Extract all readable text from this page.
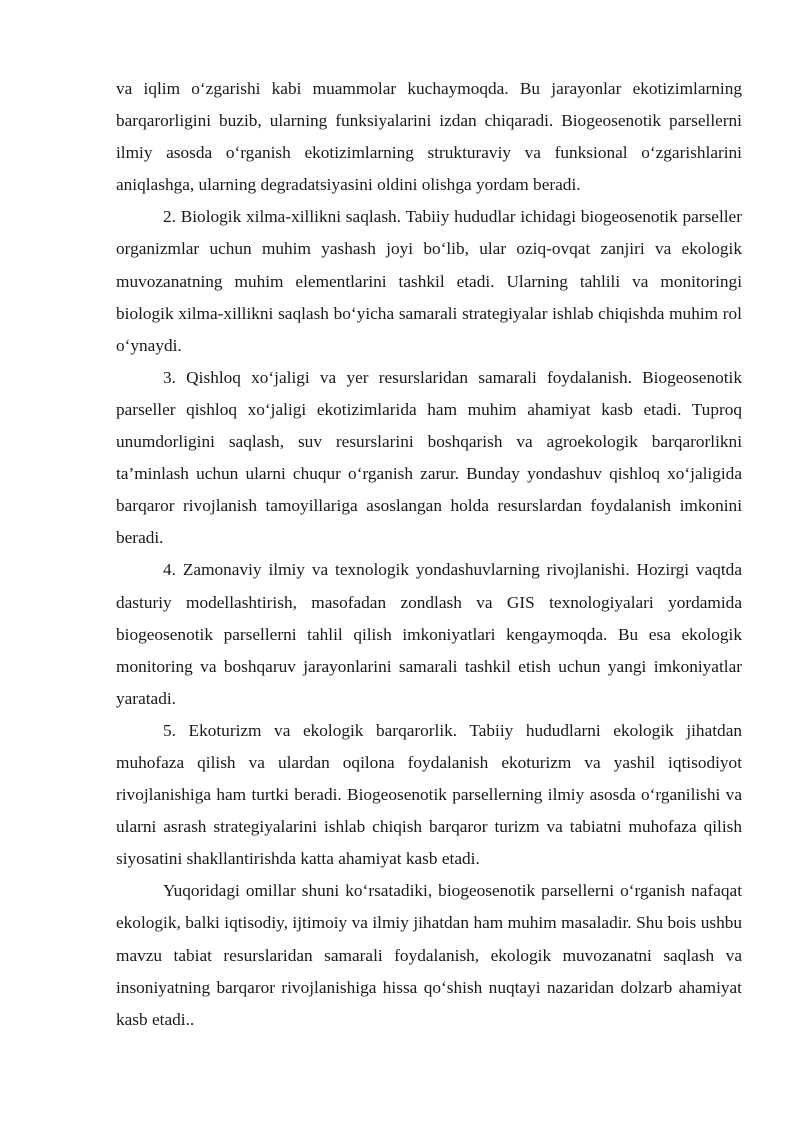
va iqlim o‘zgarishi kabi muammolar kuchaymoqda. Bu jarayonlar ekotizimlarning barqarorligini buzib, ularning funksiyalarini izdan chiqaradi. Biogeosenotik parsellerni ilmiy asosda o‘rganish ekotizimlarning strukturaviy va funksional o‘zgarishlarini aniqlashga, ularning degradatsiyasini oldini olishga yordam beradi.

2. Biologik xilma-xillikni saqlash. Tabiiy hududlar ichidagi biogeosenotik parseller organizmlar uchun muhim yashash joyi bo‘lib, ular oziq-ovqat zanjiri va ekologik muvozanatning muhim elementlarini tashkil etadi. Ularning tahlili va monitoringi biologik xilma-xillikni saqlash bo‘yicha samarali strategiyalar ishlab chiqishda muhim rol o‘ynaydi.

3. Qishloq xo‘jaligi va yer resurslaridan samarali foydalanish. Biogeosenotik parseller qishloq xo‘jaligi ekotizimlarida ham muhim ahamiyat kasb etadi. Tuproq unumdorligini saqlash, suv resurslarini boshqarish va agroekologik barqarorlikni ta’minlash uchun ularni chuqur o‘rganish zarur. Bunday yondashuv qishloq xo‘jaligida barqaror rivojlanish tamoyillariga asoslangan holda resurslardan foydalanish imkonini beradi.

4. Zamonaviy ilmiy va texnologik yondashuvlarning rivojlanishi. Hozirgi vaqtda dasturiy modellashtirish, masofadan zondlash va GIS texnologiyalari yordamida biogeosenotik parsellerni tahlil qilish imkoniyatlari kengaymoqda. Bu esa ekologik monitoring va boshqaruv jarayonlarini samarali tashkil etish uchun yangi imkoniyatlar yaratadi.

5. Ekoturizm va ekologik barqarorlik. Tabiiy hududlarni ekologik jihatdan muhofaza qilish va ulardan oqilona foydalanish ekoturizm va yashil iqtisodiyot rivojlanishiga ham turtki beradi. Biogeosenotik parsellerning ilmiy asosda o‘rganilishi va ularni asrash strategiyalarini ishlab chiqish barqaror turizm va tabiatni muhofaza qilish siyosatini shakllantirishda katta ahamiyat kasb etadi.

Yuqoridagi omillar shuni ko‘rsatadiki, biogeosenotik parsellerni o‘rganish nafaqat ekologik, balki iqtisodiy, ijtimoiy va ilmiy jihatdan ham muhim masaladir. Shu bois ushbu mavzu tabiat resurslaridan samarali foydalanish, ekologik muvozanatni saqlash va insoniyatning barqaror rivojlanishiga hissa qo‘shish nuqtayi nazaridan dolzarb ahamiyat kasb etadi..
